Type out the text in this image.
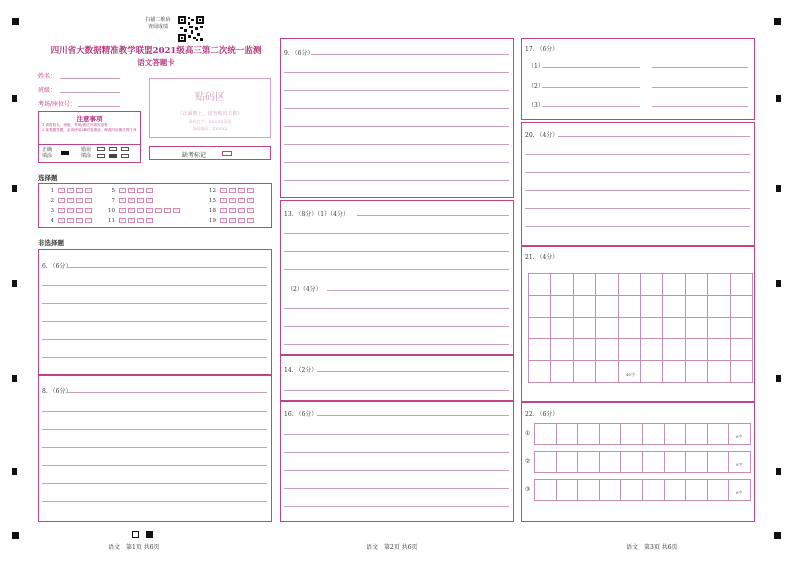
扫描二维码
查阅成绩
四川省大数据精准教学联盟2021级高三第二次统一监测
语文答题卡
姓名：
班级：
考场/座位号：
贴码区
（正面朝上，切勿贴出方框）
条码打字：XX×XX条条
条码编码：XX-XXX
注意事项
1.请将姓名、班级、考场/座位号填写清楚
2.客观题答题，必须使用2B铅笔填涂，修改时用橡皮擦干净
正确
填涂
错误
填涂	缺考标记
选择题
非选择题
1	A	B	C	D
2	A	B	C	D
3	A	B	C	D
4	A	B	C	D
5	A	B	C	D
7	A	B	C	D
10	A	B	C	D	E	F	G
11	A	B	C	D
12	A	B	C	D
15	A	B	C	D
18	A	B	C	D
19	A	B	C	D
6. （6分）
8. （6分）
9. （6分）
13. （8分）（1）（4分）
（2）（4分）
14. （2分）
16. （6分）
17. （6分）
（1）
（2）
（3）
20. （4分）
21. （4分）
40字
22. （6分）
①	8字
②	8字
③	8字
语文　第1页 共6页	语文　第2页 共6页	语文　第3页 共6页
